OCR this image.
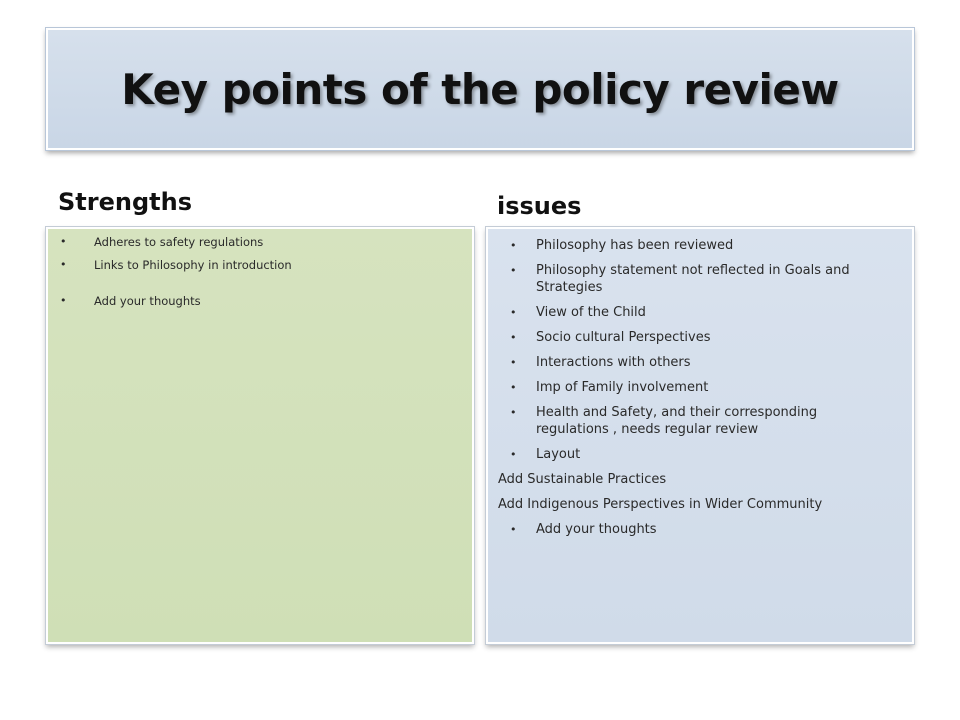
Key points of the policy review
Strengths	issues
• Adheres to safety regulations
• Links to Philosophy in introduction
• Add your thoughts
• Philosophy has been reviewed
• Philosophy statement not reflected in Goals and Strategies
• View of the Child
• Socio cultural Perspectives
• Interactions with others
• Imp of Family involvement
• Health and Safety, and their corresponding regulations , needs regular review
• Layout
Add Sustainable Practices
Add Indigenous Perspectives in Wider Community
• Add your thoughts
